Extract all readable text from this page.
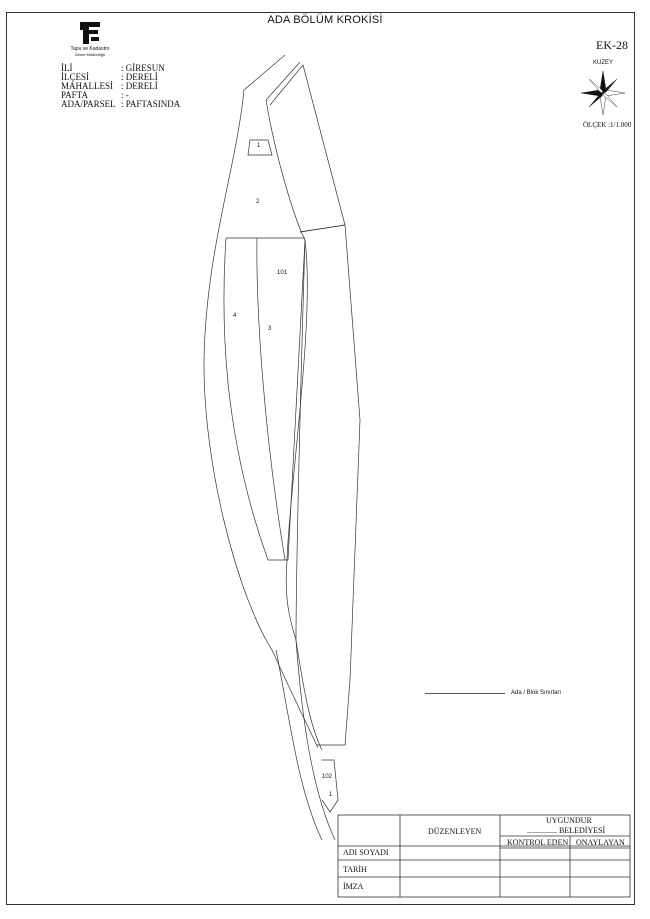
ADA BÖLÜM KROKİSİ
Tapu ve Kadastro
Genel Müdürlüğü
İLİ	: GİRESUN
İLÇESİ	: DERELİ
MAHALLESİ : DERELİ
PAFTA	: -
ADA/PARSEL : PAFTASINDA
EK-28
KUZEY
ÖLÇEK :1/1.000
1
2
101
4
3
102
1
Ada / Blok Sınırları
UYGUNDUR
............... BELEDİYESİ
DÜZENLEYEN
KONTROL EDEN ONAYLAYAN
ADI SOYADI
TARİH
İMZA
